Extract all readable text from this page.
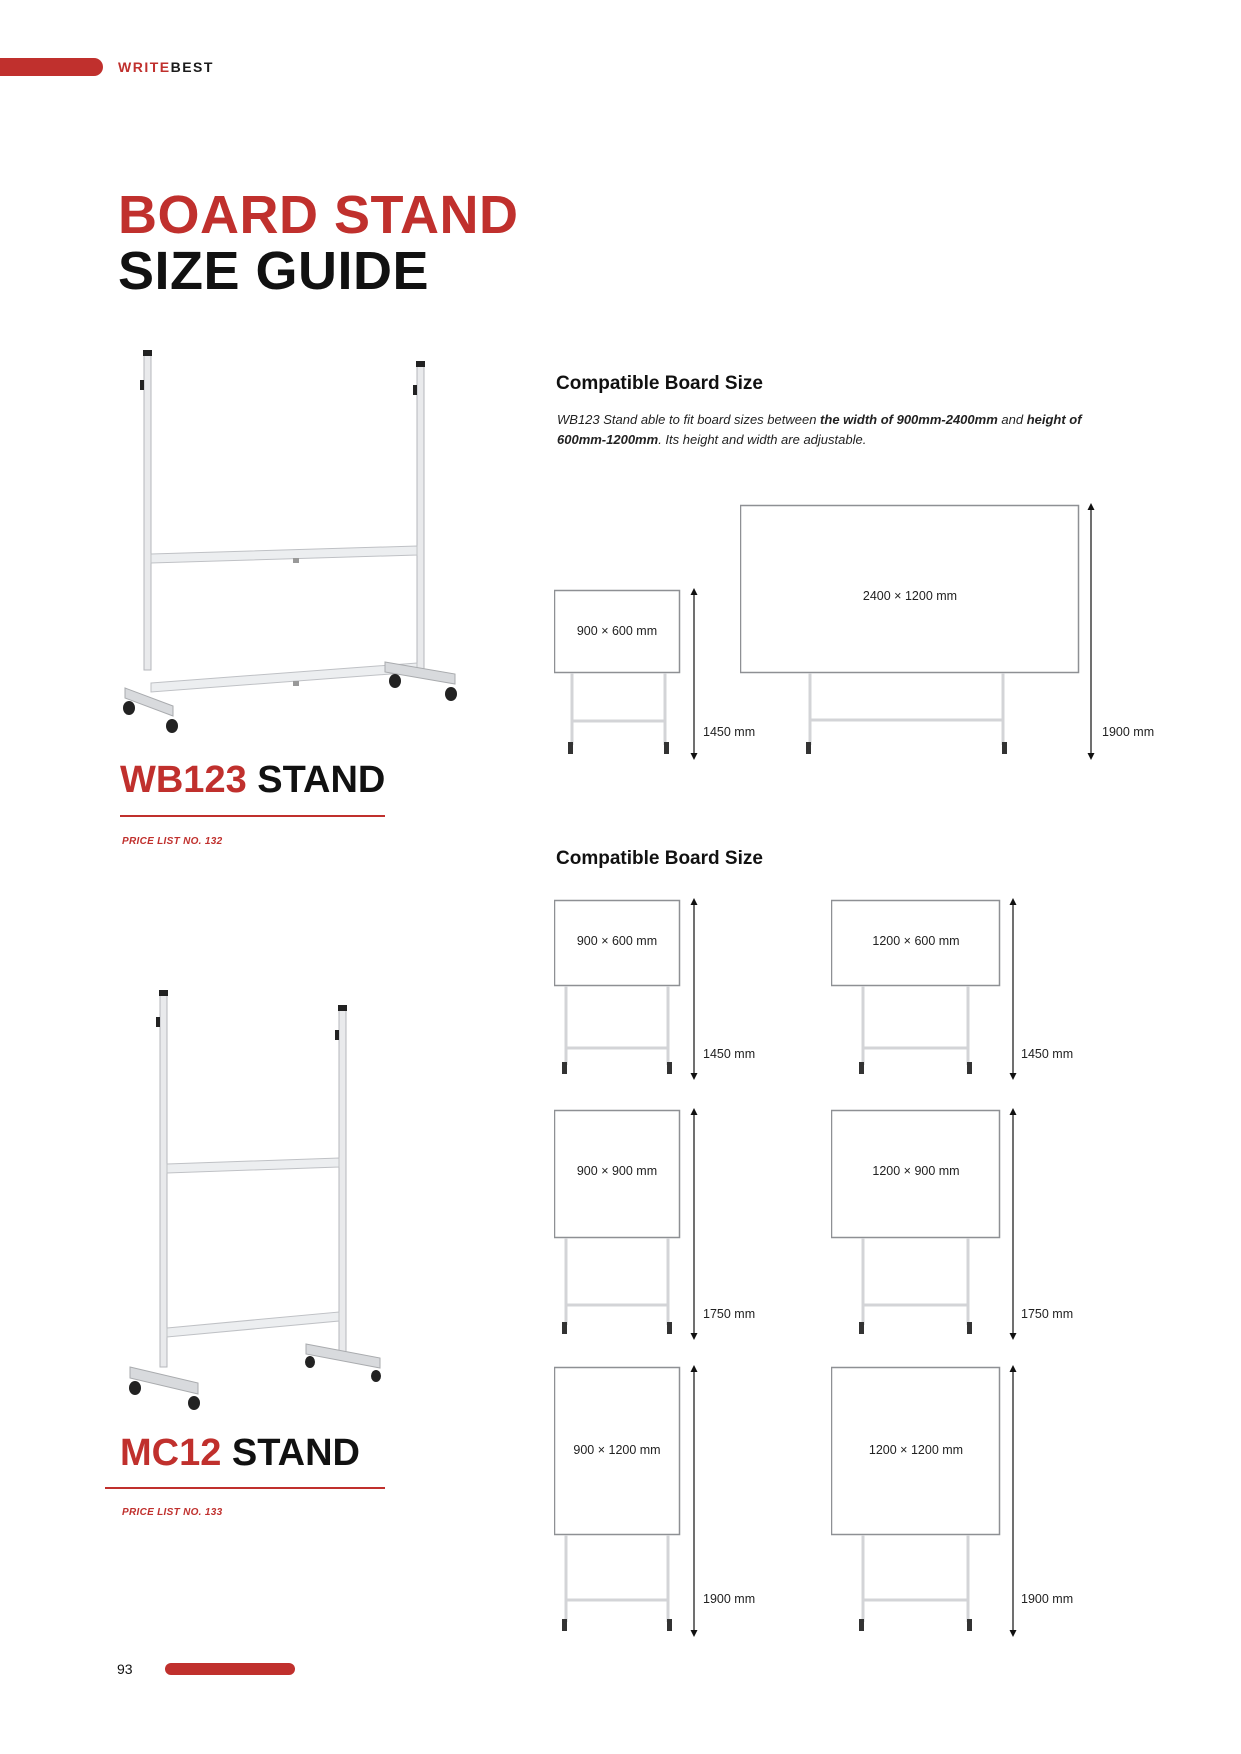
WRITEBEST
BOARD STAND
SIZE GUIDE
WB123 STAND
PRICE LIST NO. 132
Compatible Board Size
WB123 Stand able to fit board sizes between the width of 900mm-2400mm and height of 600mm-1200mm. Its height and width are adjustable.
900 × 600 mm
1450 mm
2400 × 1200 mm
1900 mm
MC12 STAND
PRICE LIST NO. 133
Compatible Board Size
900 × 600 mm
1450 mm
1200 × 600 mm
1450 mm
900 × 900 mm
1750 mm
1200 × 900 mm
1750 mm
900 × 1200 mm
1900 mm
1200 × 1200 mm
1900 mm
93
